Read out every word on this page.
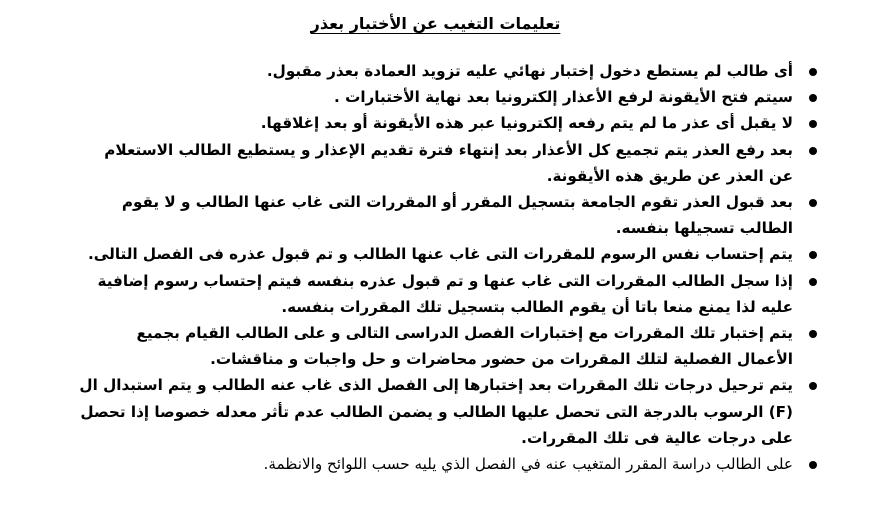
تعليمات التغيب عن الأختبار بعذر
أى طالب لم يستطع دخول إختبار نهائي عليه تزويد العمادة بعذر مقبول.
سيتم فتح الأيقونة لرفع الأعذار إلكترونيا بعد نهاية الأختبارات .
لا يقبل أى عذر ما لم يتم رفعه إلكترونيا عبر هذه الأيقونة أو بعد إغلاقها.
بعد رفع العذر يتم تجميع كل الأعذار بعد إنتهاء فترة تقديم الإعذار و يستطيع الطالب الاستعلام عن العذر عن طريق هذه الأيقونة.
بعد قبول العذر تقوم الجامعة بتسجيل المقرر أو المقررات التى غاب عنها الطالب و لا يقوم الطالب تسجيلها بنفسه.
يتم إحتساب نفس الرسوم للمقررات التى غاب عنها الطالب و تم قبول عذره فى الفصل التالى.
إذا سجل الطالب المقررات التى غاب عنها و تم قبول عذره بنفسه فيتم إحتساب رسوم إضافية عليه لذا يمنع منعا باتا أن يقوم الطالب بتسجيل تلك المقررات بنفسه.
يتم إختبار تلك المقررات مع إختبارات الفصل الدراسى التالى و على الطالب القيام بجميع الأعمال الفصلية لتلك المقررات من حضور محاضرات و حل واجبات و مناقشات.
يتم ترحيل درجات تلك المقررات بعد إختبارها إلى الفصل الذى غاب عنه الطالب و يتم استبدال ال (F) الرسوب بالدرجة التى تحصل عليها الطالب و يضمن الطالب عدم تأثر معدله خصوصا إذا تحصل على درجات عالية فى تلك المقررات.
على الطالب دراسة المقرر المتغيب عنه في الفصل الذي يليه حسب اللوائح والانظمة.
